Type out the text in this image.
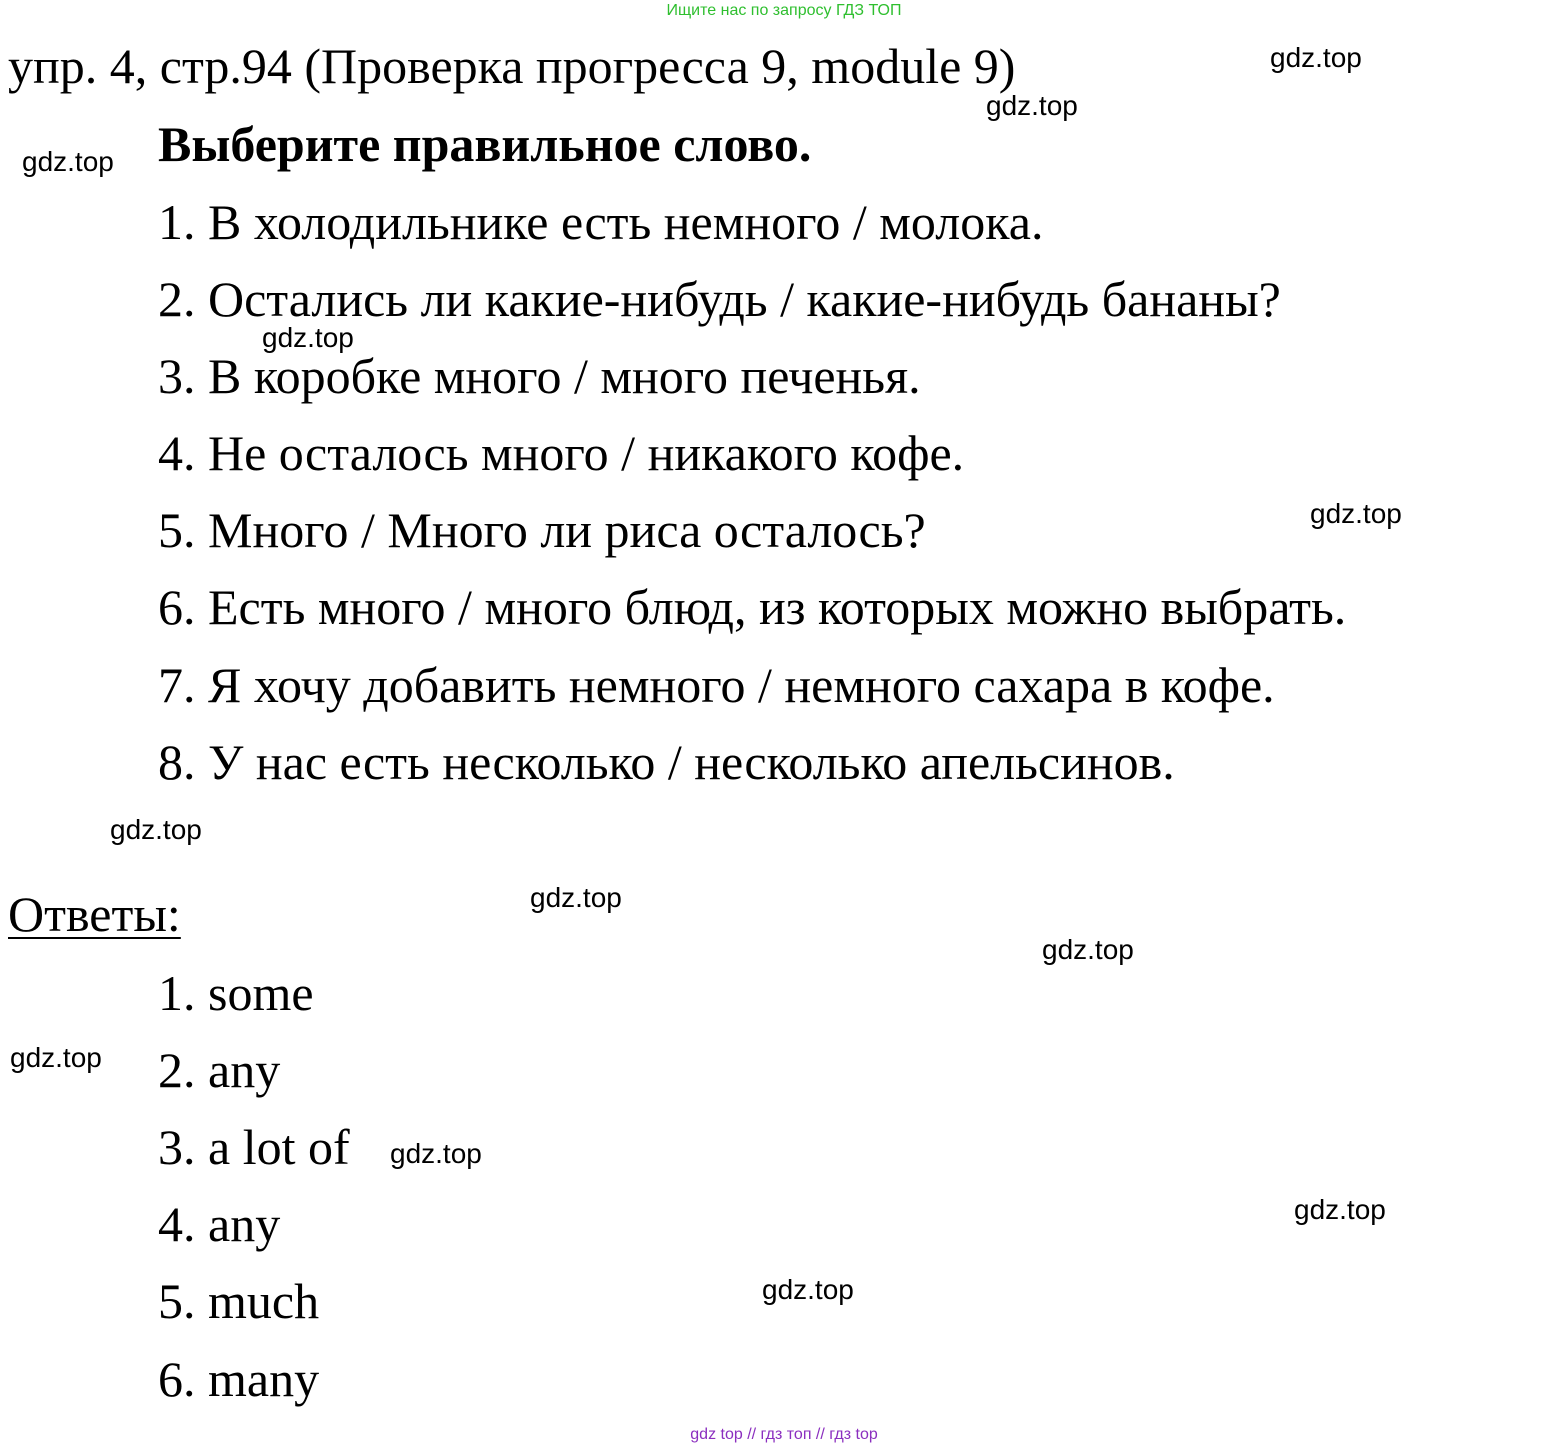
Ищите нас по запросу ГДЗ ТОП
упр. 4, стр.94 (Проверка прогресса 9, module 9)
Выберите правильное слово.
1. В холодильнике есть немного / молока.
2. Остались ли какие-нибудь / какие-нибудь бананы?
3. В коробке много / много печенья.
4. Не осталось много / никакого кофе.
5. Много / Много ли риса осталось?
6. Есть много / много блюд, из которых можно выбрать.
7. Я хочу добавить немного / немного сахара в кофе.
8. У нас есть несколько / несколько апельсинов.
Ответы:
1. some
2. any
3. a lot of
4. any
5. much
6. many
gdz.top
gdz.top
gdz.top
gdz.top
gdz.top
gdz.top
gdz.top
gdz.top
gdz.top
gdz.top
gdz.top
gdz.top
gdz top // гдз топ // гдз top
